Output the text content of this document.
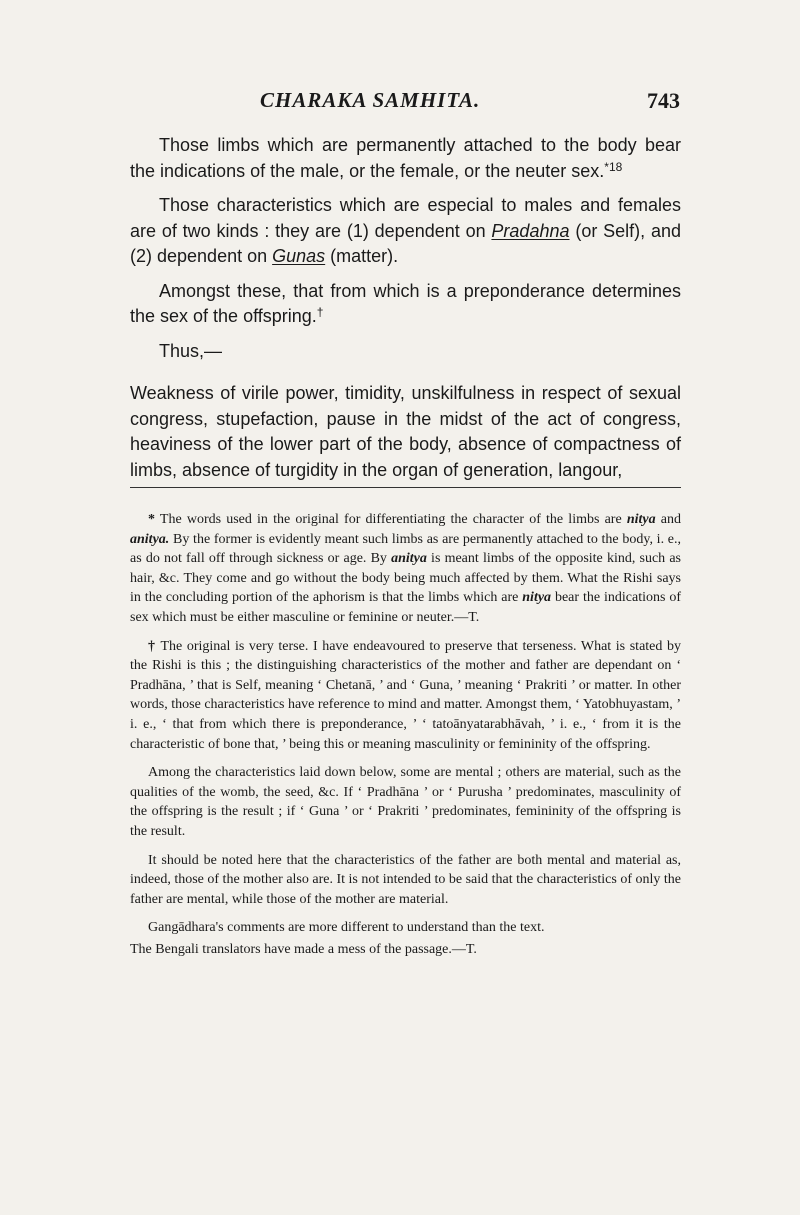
CHARAKA SAMHITA.	743

Those limbs which are permanently attached to the body bear the indications of the male, or the female, or the neuter sex.$^{*18}$

Those characteristics which are especial to males and females are of two kinds : they are (1) dependent on Pradahna (or Self), and (2) dependent on Gunas (matter).

Amongst these, that from which is a preponderance determines the sex of the offspring.†

Thus,—

Weakness of virile power, timidity, unskilfulness in respect of sexual congress, stupefaction, pause in the midst of the act of congress, heaviness of the lower part of the body, absence of compactness of limbs, absence of turgidity in the organ of generation, langour,

* The words used in the original for differentiating the character of the limbs are nitya and anitya. By the former is evidently meant such limbs as are permanently attached to the body, i. e., as do not fall off through sickness or age. By anitya is meant limbs of the opposite kind, such as hair, &c. They come and go without the body being much affected by them. What the Rishi says in the concluding portion of the aphorism is that the limbs which are nitya bear the indications of sex which must be either masculine or feminine or neuter.—T.

† The original is very terse. I have endeavoured to preserve that terseness. What is stated by the Rishi is this ; the distinguishing characteristics of the mother and father are dependant on ‘ Pradhāna, ’ that is Self, meaning ‘ Chetanā, ’ and ‘ Guna, ’ meaning ‘ Prakriti ’ or matter. In other words, those characteristics have reference to mind and matter. Amongst them, ‘ Yatobhuyastam, ’ i. e., ‘ that from which there is preponderance, ’ ‘ tatoānyatarabhāvah, ’ i. e., ‘ from it is the characteristic of bone that, ’ being this or meaning masculinity or femininity of the offspring.

Among the characteristics laid down below, some are mental ; others are material, such as the qualities of the womb, the seed, &c. If ‘ Pradhāna ’ or ‘ Purusha ’ predominates, masculinity of the offspring is the result ; if ‘ Guna ’ or ‘ Prakriti ’ predominates, femininity of the offspring is the result.

It should be noted here that the characteristics of the father are both mental and material as, indeed, those of the mother also are. It is not intended to be said that the characteristics of only the father are mental, while those of the mother are material.

Gangādhara's comments are more different to understand than the text.

The Bengali translators have made a mess of the passage.—T.
